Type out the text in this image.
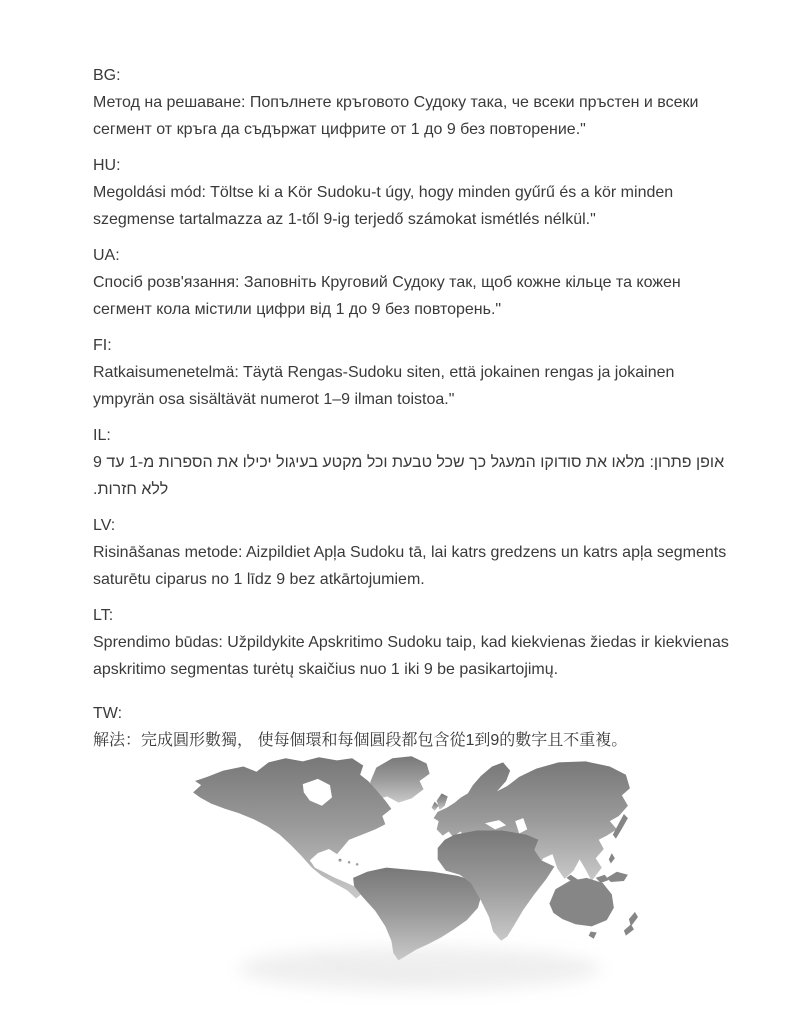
BG:

Метод на решаване: Попълнете кръговото Судоку така, че всеки пръстен и всеки сегмент от кръга да съдържат цифрите от 1 до 9 без повторение."

HU:

Megoldási mód: Töltse ki a Kör Sudoku-t úgy, hogy minden gyűrű és a kör minden szegmense tartalmazza az 1-től 9-ig terjedő számokat ismétlés nélkül."

UA:

Спосіб розв'язання: Заповніть Круговий Судоку так, щоб кожне кільце та кожен сегмент кола містили цифри від 1 до 9 без повторень."

FI:

Ratkaisumenetelmä: Täytä Rengas-Sudoku siten, että jokainen rengas ja jokainen ympyrän osa sisältävät numerot 1–9 ilman toistoa."

IL:

אופן פתרון: מלאו את סודוקו המעגל כך שכל טבעת וכל מקטע בעיגול יכילו את הספרות מ-1 עד 9 ללא חזרות.

LV:

Risināšanas metode: Aizpildiet Apļa Sudoku tā, lai katrs gredzens un katrs apļa segments saturētu ciparus no 1 līdz 9 bez atkārtojumiem.

LT:

Sprendimo būdas: Užpildykite Apskritimo Sudoku taip, kad kiekvienas žiedas ir kiekvienas apskritimo segmentas turėtų skaičius nuo 1 iki 9 be pasikartojimų.

TW:

解法：完成圓形數獨， 使每個環和每個圓段都包含從1到9的數字且不重複。
